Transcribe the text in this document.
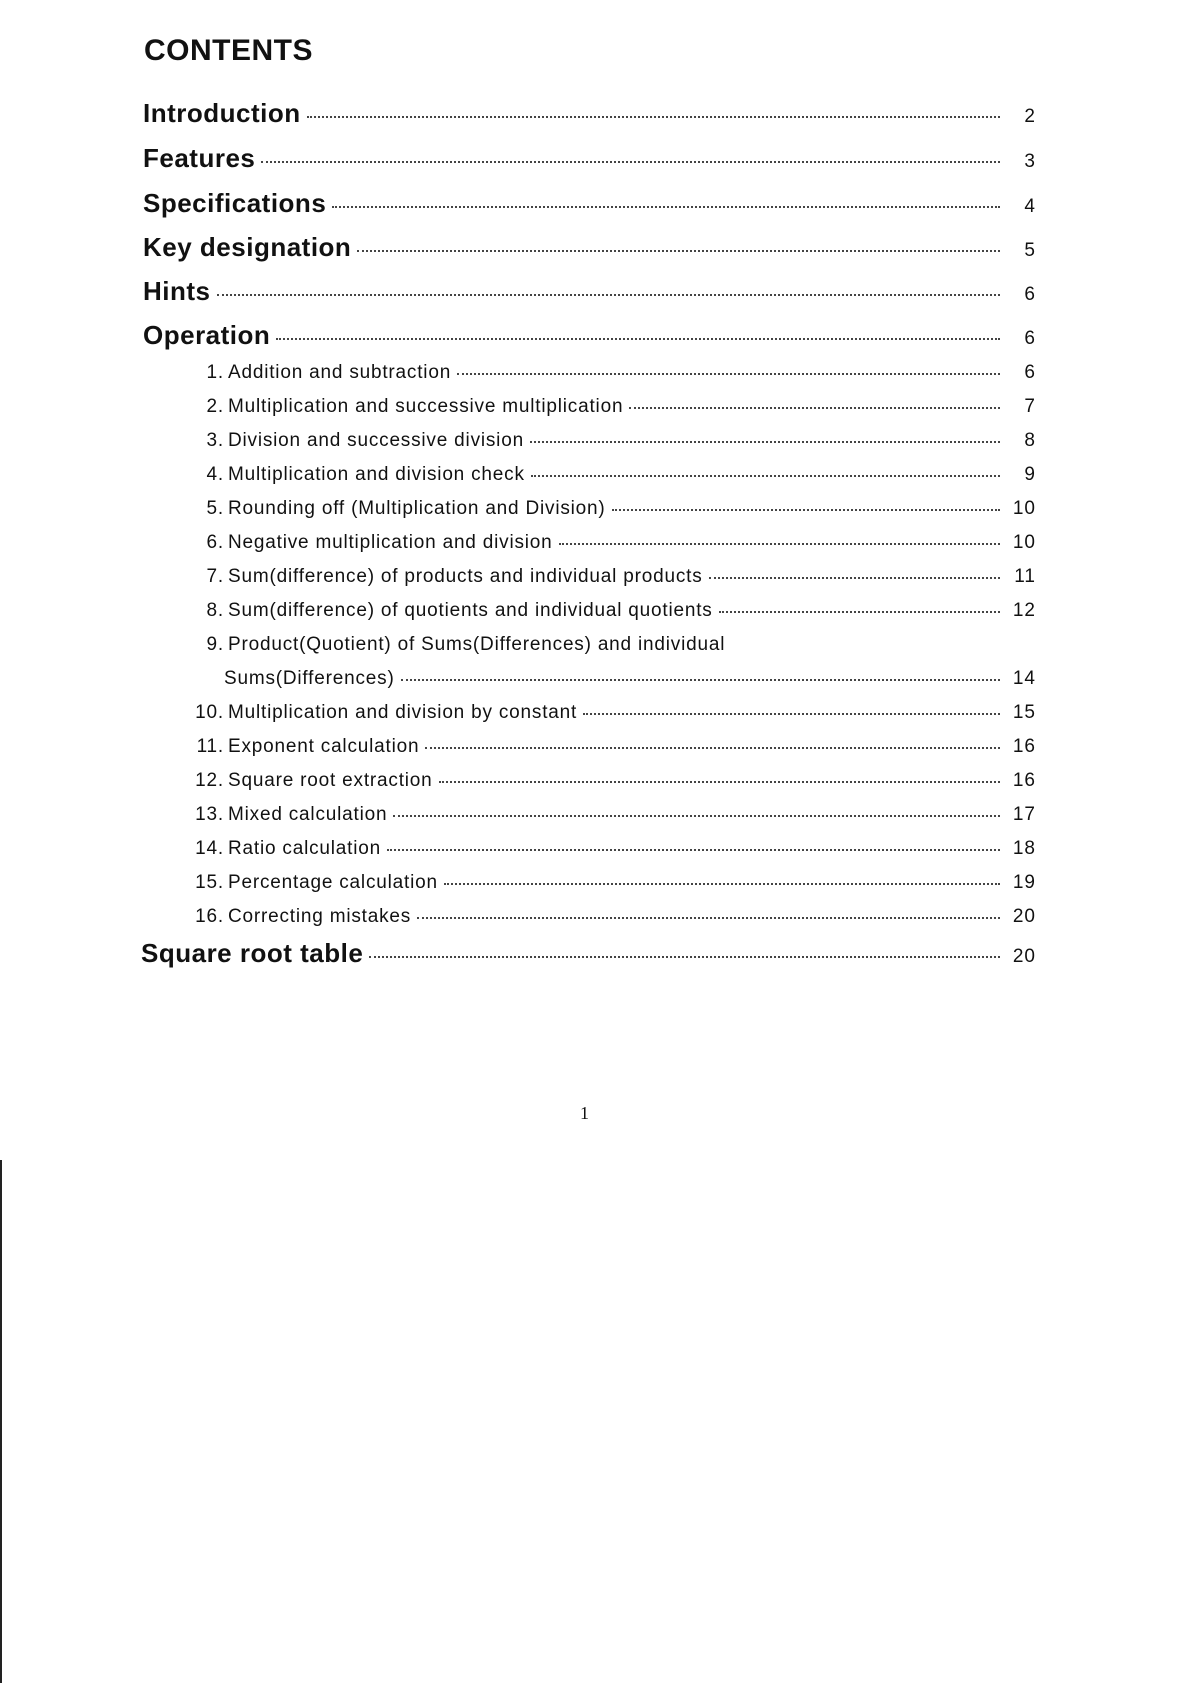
CONTENTS
Introduction	2
Features	3
Specifications	4
Key designation	5
Hints	6
Operation	6
1. Addition and subtraction	6
2. Multiplication and successive multiplication	7
3. Division and successive division	8
4. Multiplication and division check	9
5. Rounding off (Multiplication and Division)	10
6. Negative multiplication and division	10
7. Sum(difference) of products and individual products	11
8. Sum(difference) of quotients and individual quotients	12
9. Product(Quotient) of Sums(Differences) and individual
Sums(Differences)	14
10. Multiplication and division by constant	15
11. Exponent calculation	16
12. Square root extraction	16
13. Mixed calculation	17
14. Ratio calculation	18
15. Percentage calculation	19
16. Correcting mistakes	20
Square root table	20
1
